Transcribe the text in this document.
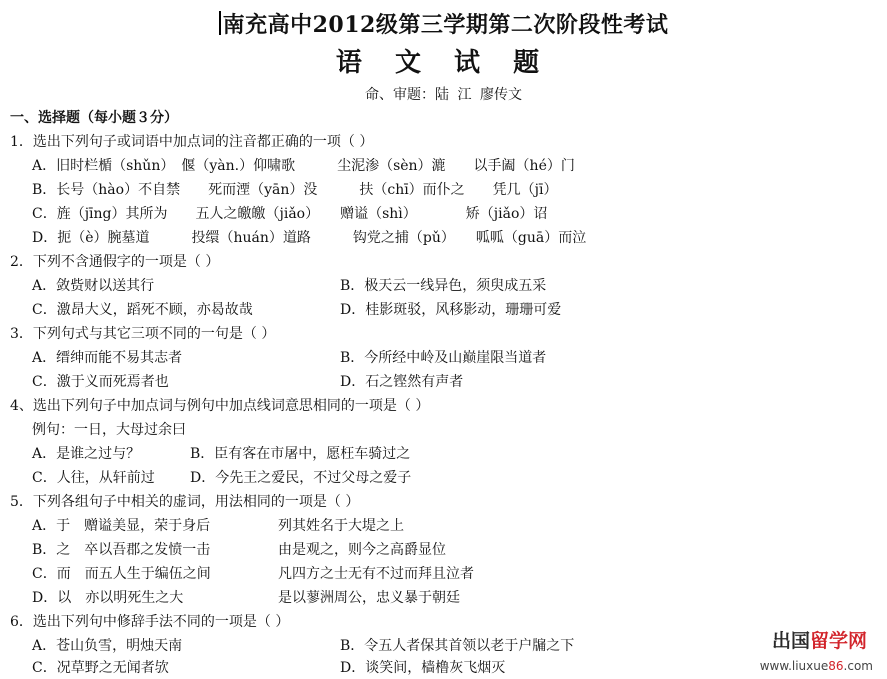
南充高中2012级第三学期第二次阶段性考试
语 文 试 题
命、审题：陆 江 廖传文
一、选择题（每小题３分）
1．选出下列句子或词语中加点词的注音都正确的一项（ ）
A．旧时栏楯（shǔn）　偃（yàn.）仰啸歌　　　尘泥渗（sèn）漉　　以手阖（hé）门
B．长号（hào）不自禁　　死而湮（yān）没　　　扶（chī）而仆之　　凭几（jī）
C．旌（jīng）其所为　　五人之皦皦（jiǎo）　　赠谥（shì）　　　　矫（jiǎo）诏
D．扼（è）腕墓道　　　投缳（huán）道路　　　钩党之捕（pǔ）　　呱呱（guā）而泣
2．下列不含通假字的一项是（ ）
A．敛赀财以送其行	B．极天云一线异色，须臾成五采
C．激昂大义，蹈死不顾，亦曷故哉	D．桂影斑驳，风移影动，珊珊可爱
3．下列句式与其它三项不同的一句是（ ）
A．缙绅而能不易其志者	B．今所经中岭及山巅崖限当道者
C．激于义而死焉者也	D．石之铿然有声者
4、选出下列句子中加点词与例句中加点线词意思相同的一项是（ ）
例句：一日，大母过余曰
A．是谁之过与？	B．臣有客在市屠中，愿枉车骑过之
C．人往，从轩前过	D．今先王之爱民，不过父母之爱子
5．下列各组句子中相关的虚词，用法相同的一项是（ ）
A．于　赠谥美显，荣于身后	列其姓名于大堤之上
B．之　卒以吾郡之发愤一击	由是观之，则今之高爵显位
C．而　而五人生于编伍之间	凡四方之士无有不过而拜且泣者
D．以　亦以明死生之大	是以蓼洲周公，忠义暴于朝廷
6．选出下列句中修辞手法不同的一项是（ ）
A．苍山负雪，明烛天南	B．令五人者保其首领以老于户牖之下
C．况草野之无闻者欤	D．谈笑间，樯橹灰飞烟灭
出国留学网
www.liuxue86.com
